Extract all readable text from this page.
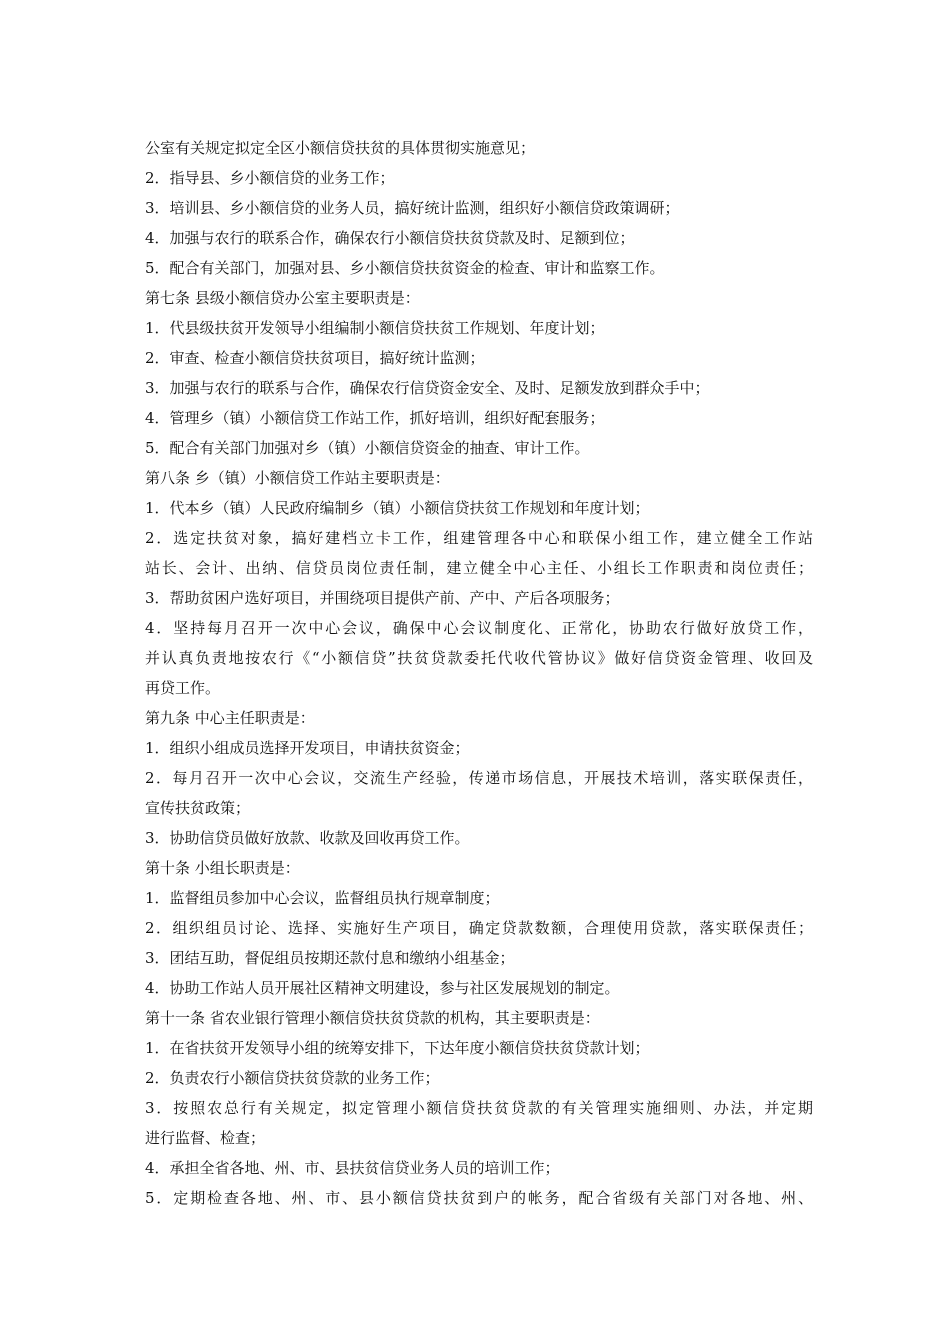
公室有关规定拟定全区小额信贷扶贫的具体贯彻实施意见；
2．指导县、乡小额信贷的业务工作；
3．培训县、乡小额信贷的业务人员，搞好统计监测，组织好小额信贷政策调研；
4．加强与农行的联系合作，确保农行小额信贷扶贫贷款及时、足额到位；
5．配合有关部门，加强对县、乡小额信贷扶贫资金的检查、审计和监察工作。
第七条 县级小额信贷办公室主要职责是：
1．代县级扶贫开发领导小组编制小额信贷扶贫工作规划、年度计划；
2．审查、检查小额信贷扶贫项目，搞好统计监测；
3．加强与农行的联系与合作，确保农行信贷资金安全、及时、足额发放到群众手中；
4．管理乡（镇）小额信贷工作站工作，抓好培训，组织好配套服务；
5．配合有关部门加强对乡（镇）小额信贷资金的抽查、审计工作。
第八条 乡（镇）小额信贷工作站主要职责是：
1．代本乡（镇）人民政府编制乡（镇）小额信贷扶贫工作规划和年度计划；
2．选定扶贫对象，搞好建档立卡工作，组建管理各中心和联保小组工作，建立健全工作站
站长、会计、出纳、信贷员岗位责任制，建立健全中心主任、小组长工作职责和岗位责任；
3．帮助贫困户选好项目，并围绕项目提供产前、产中、产后各项服务；
4．坚持每月召开一次中心会议，确保中心会议制度化、正常化，协助农行做好放贷工作，
并认真负责地按农行《“小额信贷”扶贫贷款委托代收代管协议》做好信贷资金管理、收回及
再贷工作。
第九条 中心主任职责是：
1．组织小组成员选择开发项目，申请扶贫资金；
2．每月召开一次中心会议，交流生产经验，传递市场信息，开展技术培训，落实联保责任，
宣传扶贫政策；
3．协助信贷员做好放款、收款及回收再贷工作。
第十条 小组长职责是：
1．监督组员参加中心会议，监督组员执行规章制度；
2．组织组员讨论、选择、实施好生产项目，确定贷款数额，合理使用贷款，落实联保责任；
3．团结互助，督促组员按期还款付息和缴纳小组基金；
4．协助工作站人员开展社区精神文明建设，参与社区发展规划的制定。
第十一条 省农业银行管理小额信贷扶贫贷款的机构，其主要职责是：
1．在省扶贫开发领导小组的统筹安排下，下达年度小额信贷扶贫贷款计划；
2．负责农行小额信贷扶贫贷款的业务工作；
3．按照农总行有关规定，拟定管理小额信贷扶贫贷款的有关管理实施细则、办法，并定期
进行监督、检查；
4．承担全省各地、州、市、县扶贫信贷业务人员的培训工作；
5．定期检查各地、州、市、县小额信贷扶贫到户的帐务，配合省级有关部门对各地、州、
